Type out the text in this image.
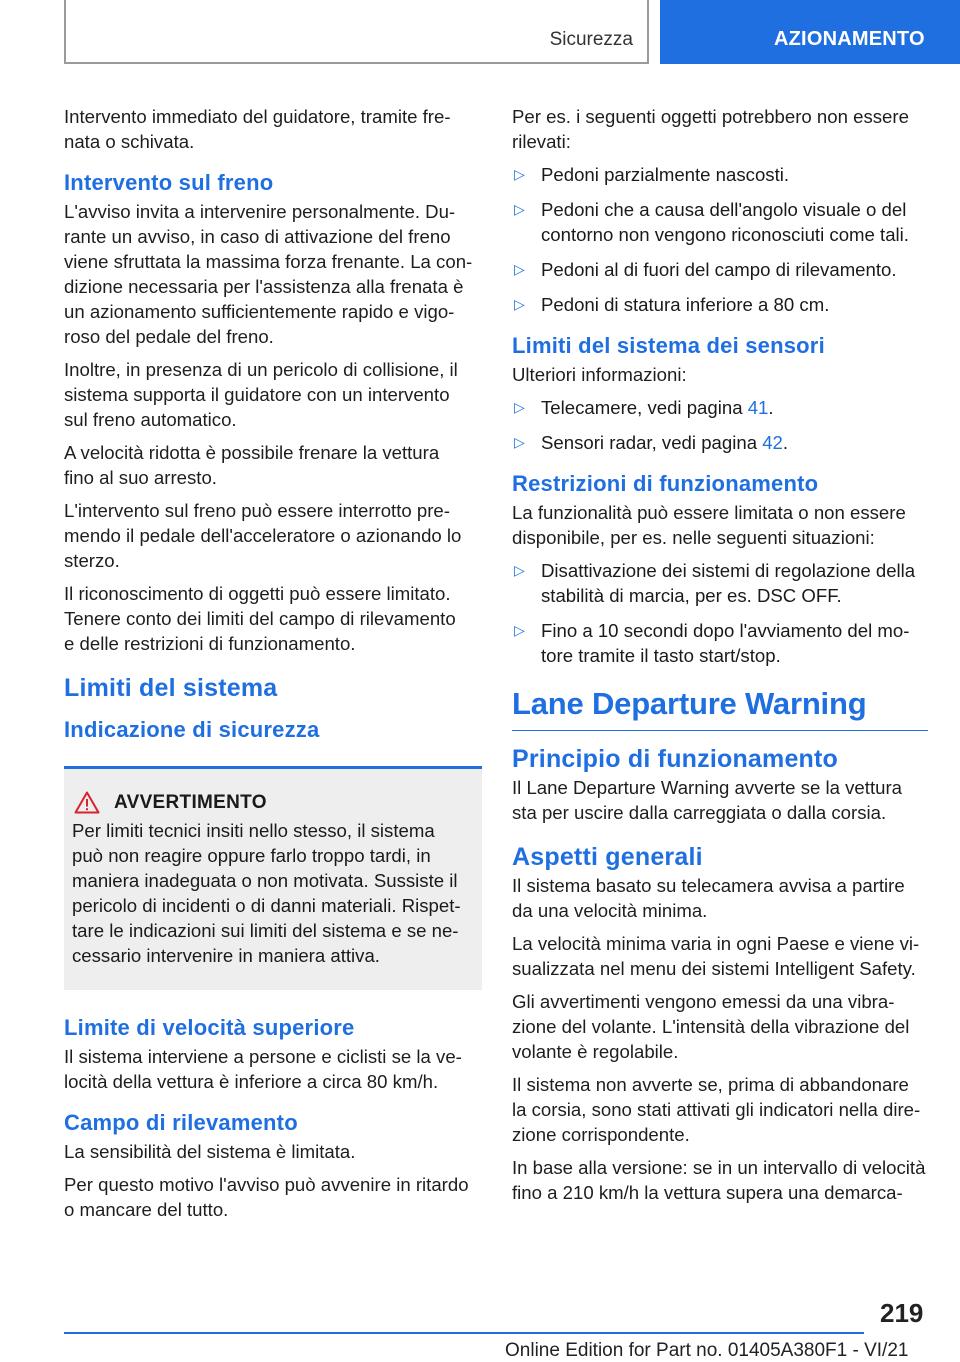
Sicurezza	AZIONAMENTO

Intervento immediato del guidatore, tramite fre-
nata o schivata.

Intervento sul freno

L'avviso invita a intervenire personalmente. Du-
rante un avviso, in caso di attivazione del freno
viene sfruttata la massima forza frenante. La con-
dizione necessaria per l'assistenza alla frenata è
un azionamento sufficientemente rapido e vigo-
roso del pedale del freno.

Inoltre, in presenza di un pericolo di collisione, il
sistema supporta il guidatore con un intervento
sul freno automatico.

A velocità ridotta è possibile frenare la vettura
fino al suo arresto.

L'intervento sul freno può essere interrotto pre-
mendo il pedale dell'acceleratore o azionando lo
sterzo.

Il riconoscimento di oggetti può essere limitato.
Tenere conto dei limiti del campo di rilevamento
e delle restrizioni di funzionamento.

Limiti del sistema
Indicazione di sicurezza
AVVERTIMENTO

Per limiti tecnici insiti nello stesso, il sistema
può non reagire oppure farlo troppo tardi, in
maniera inadeguata o non motivata. Sussiste il
pericolo di incidenti o di danni materiali. Rispet-
tare le indicazioni sui limiti del sistema e se ne-
cessario intervenire in maniera attiva.

Limite di velocità superiore

Il sistema interviene a persone e ciclisti se la ve-
locità della vettura è inferiore a circa 80 km/h.

Campo di rilevamento

La sensibilità del sistema è limitata.

Per questo motivo l'avviso può avvenire in ritardo
o mancare del tutto.

Per es. i seguenti oggetti potrebbero non essere
rilevati:

▷ Pedoni parzialmente nascosti.
▷ Pedoni che a causa dell'angolo visuale o del
contorno non vengono riconosciuti come tali.
▷ Pedoni al di fuori del campo di rilevamento.
▷ Pedoni di statura inferiore a 80 cm.
Limiti del sistema dei sensori

Ulteriori informazioni:

▷ Telecamere, vedi pagina 41.
▷ Sensori radar, vedi pagina 42.
Restrizioni di funzionamento

La funzionalità può essere limitata o non essere
disponibile, per es. nelle seguenti situazioni:

▷ Disattivazione dei sistemi di regolazione della
stabilità di marcia, per es. DSC OFF.
▷ Fino a 10 secondi dopo l'avviamento del mo-
tore tramite il tasto start/stop.
Lane Departure Warning
Principio di funzionamento

Il Lane Departure Warning avverte se la vettura
sta per uscire dalla carreggiata o dalla corsia.

Aspetti generali

Il sistema basato su telecamera avvisa a partire
da una velocità minima.

La velocità minima varia in ogni Paese e viene vi-
sualizzata nel menu dei sistemi Intelligent Safety.

Gli avvertimenti vengono emessi da una vibra-
zione del volante. L'intensità della vibrazione del
volante è regolabile.

Il sistema non avverte se, prima di abbandonare
la corsia, sono stati attivati gli indicatori nella dire-
zione corrispondente.

In base alla versione: se in un intervallo di velocità
fino a 210 km/h la vettura supera una demarca-

219
Online Edition for Part no. 01405A380F1 - VI/21
